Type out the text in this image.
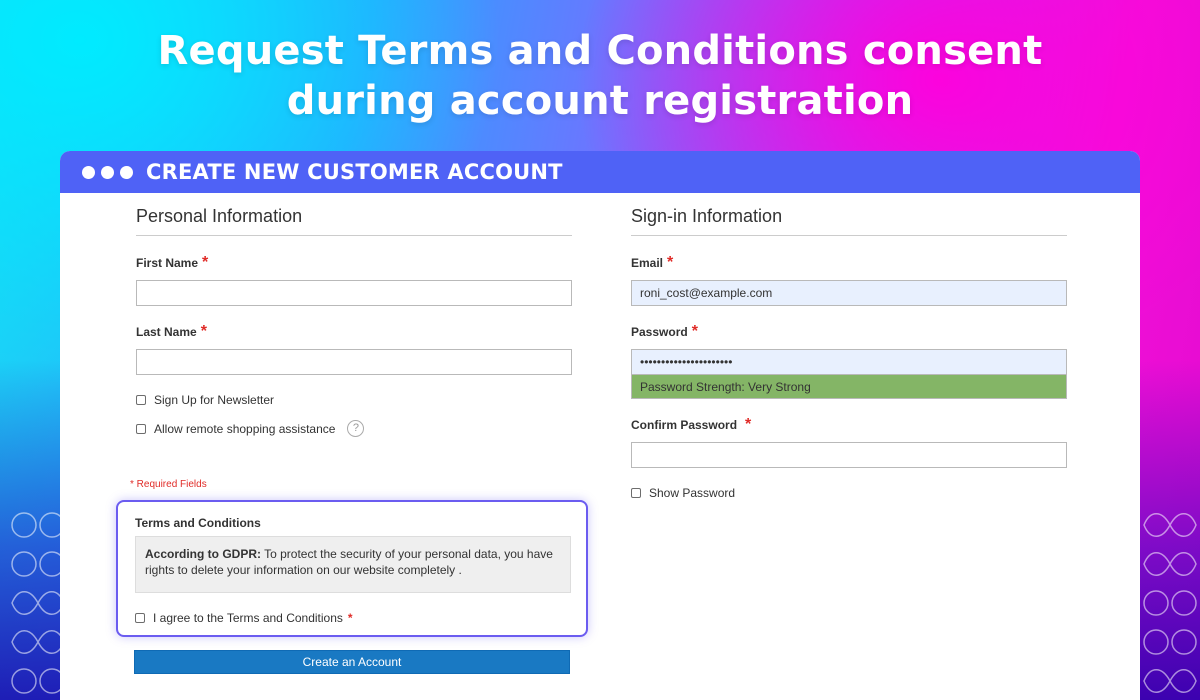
Request Terms and Conditions consent
during account registration
CREATE NEW CUSTOMER ACCOUNT
Personal Information
First Name *
Last Name *
Sign Up for Newsletter
Allow remote shopping assistance	?
Sign-in Information
Email *
roni_cost@example.com
Password *
••••••••••••••••••••••
Password Strength: Very Strong
Confirm Password *
Show Password
* Required Fields
Terms and Conditions
According to GDPR: To protect the security of your personal data, you have rights to delete your information on our website completely .
I agree to the Terms and Conditions *
Create an Account
